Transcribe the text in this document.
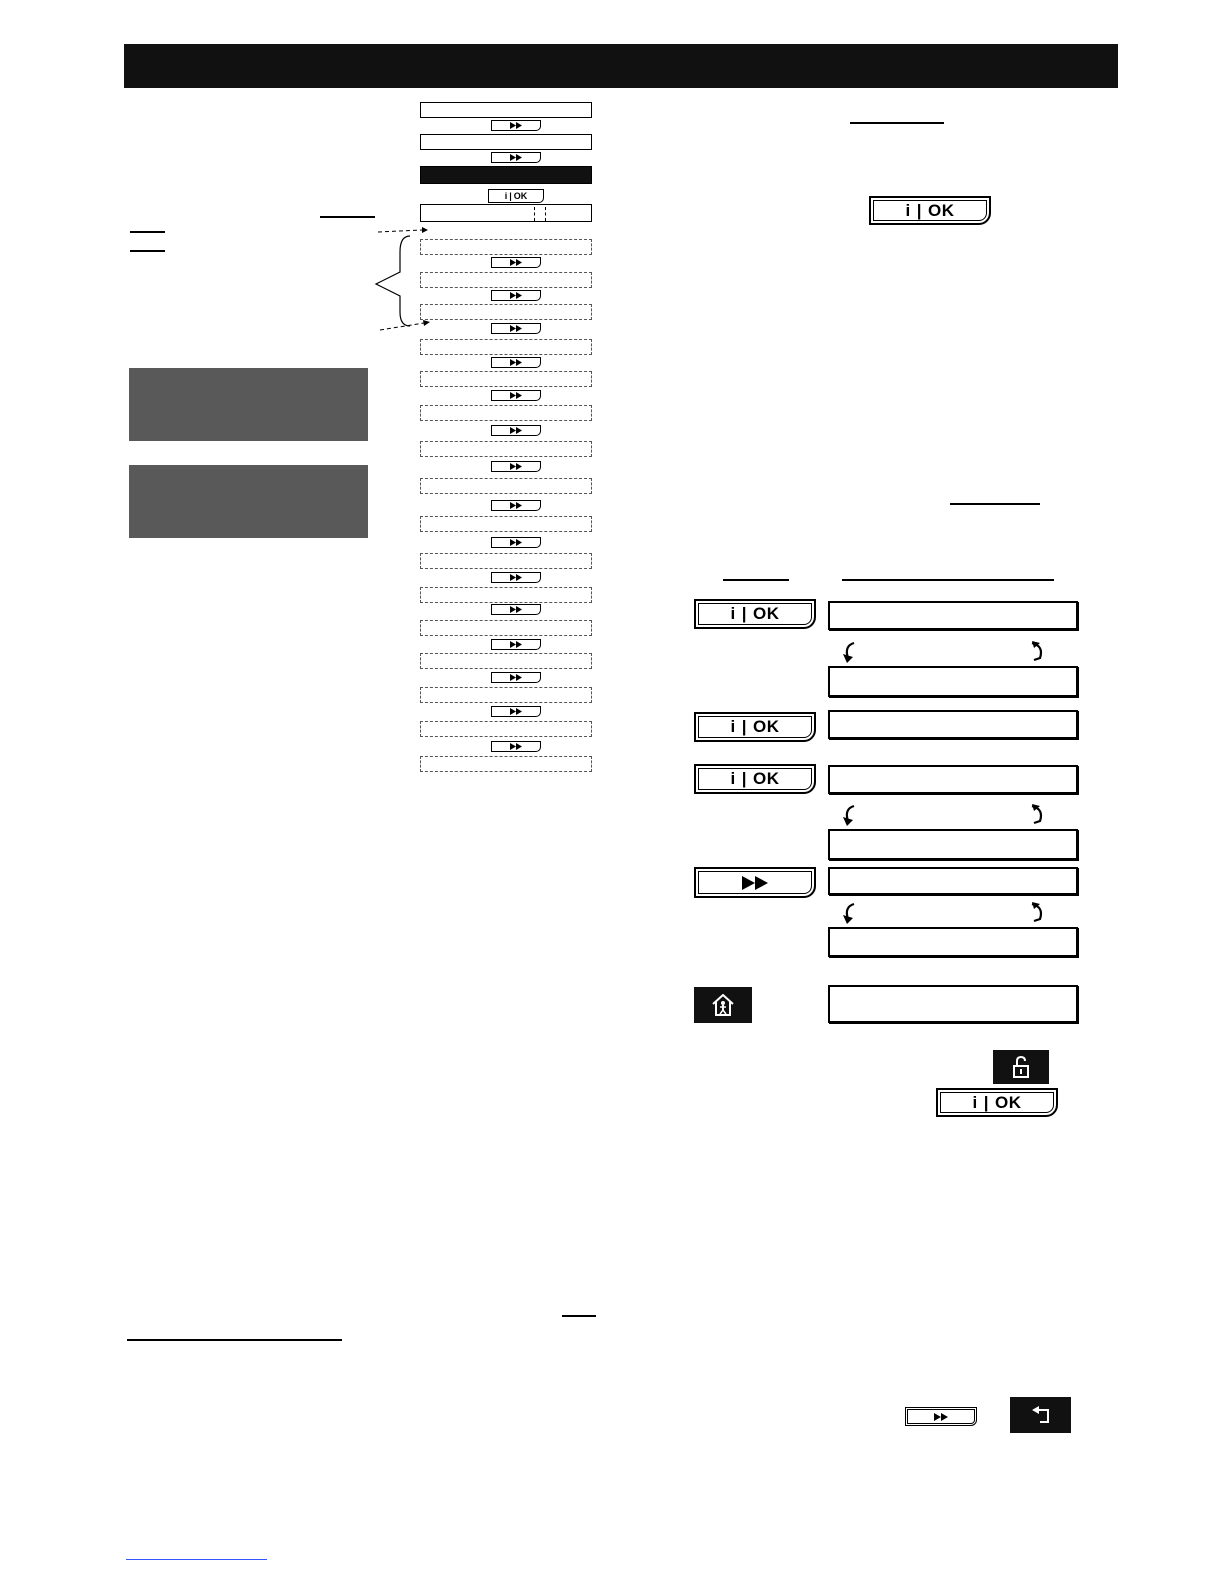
i | OK
i | OK
i | OK
i | OK
i | OK
i | OK
